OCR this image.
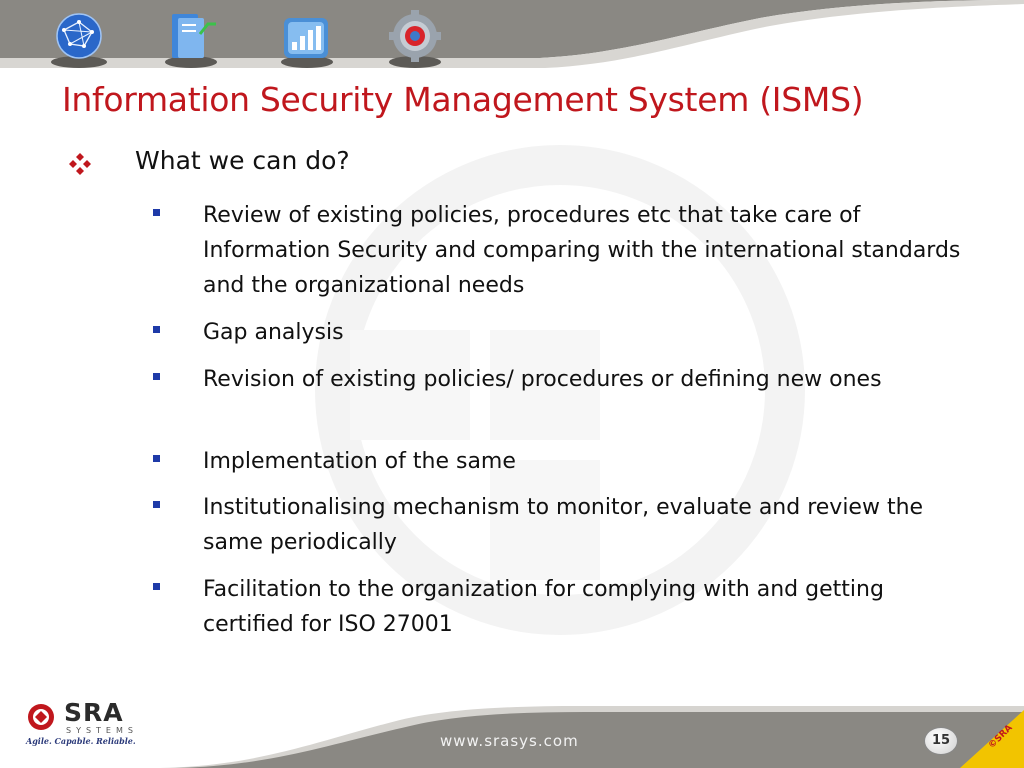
Information Security Management System (ISMS)
What we can do?
Review of existing policies, procedures etc that take care of Information Security and comparing with the international standards and the organizational needs
Gap analysis
Revision of existing policies/ procedures or defining new ones
Implementation of the same
Institutionalising mechanism to monitor, evaluate and review the same periodically
Facilitation to the organization for complying with and getting certified for ISO 27001
SRA
SYSTEMS
Agile. Capable. Reliable.	www.srasys.com	15	©SRA
